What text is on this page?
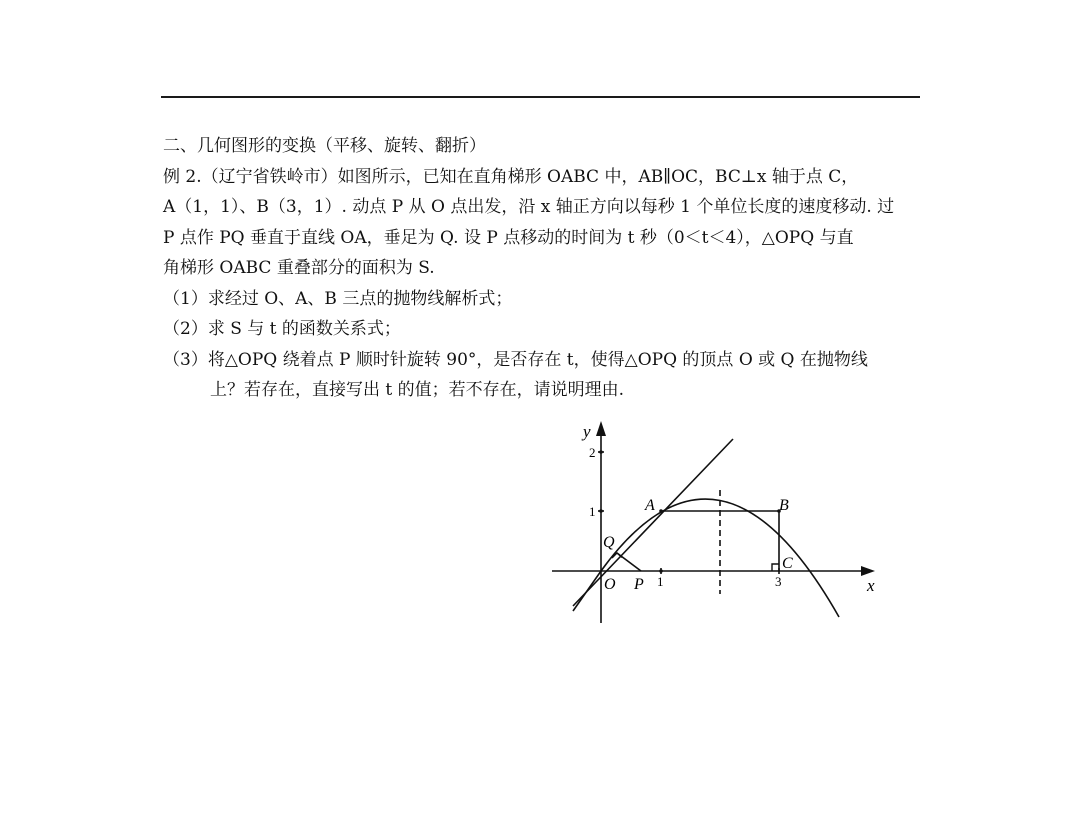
二、几何图形的变换（平移、旋转、翻折）
例 2.（辽宁省铁岭市）如图所示，已知在直角梯形 OABC 中，AB∥OC，BC⊥x 轴于点 C，
A（1，1）、B（3，1）. 动点 P 从 O 点出发，沿 x 轴正方向以每秒 1 个单位长度的速度移动. 过
P 点作 PQ 垂直于直线 OA，垂足为 Q. 设 P 点移动的时间为 t 秒（0＜t＜4），△OPQ 与直
角梯形 OABC 重叠部分的面积为 S.
（1）求经过 O、A、B 三点的抛物线解析式；
（2）求 S 与 t 的函数关系式；
（3）将△OPQ 绕着点 P 顺时针旋转 90°，是否存在 t，使得△OPQ 的顶点 O 或 Q 在抛物线
上？若存在，直接写出 t 的值；若不存在，请说明理由.
y
x
2
1
1	3
O P
Q
A	B
C
